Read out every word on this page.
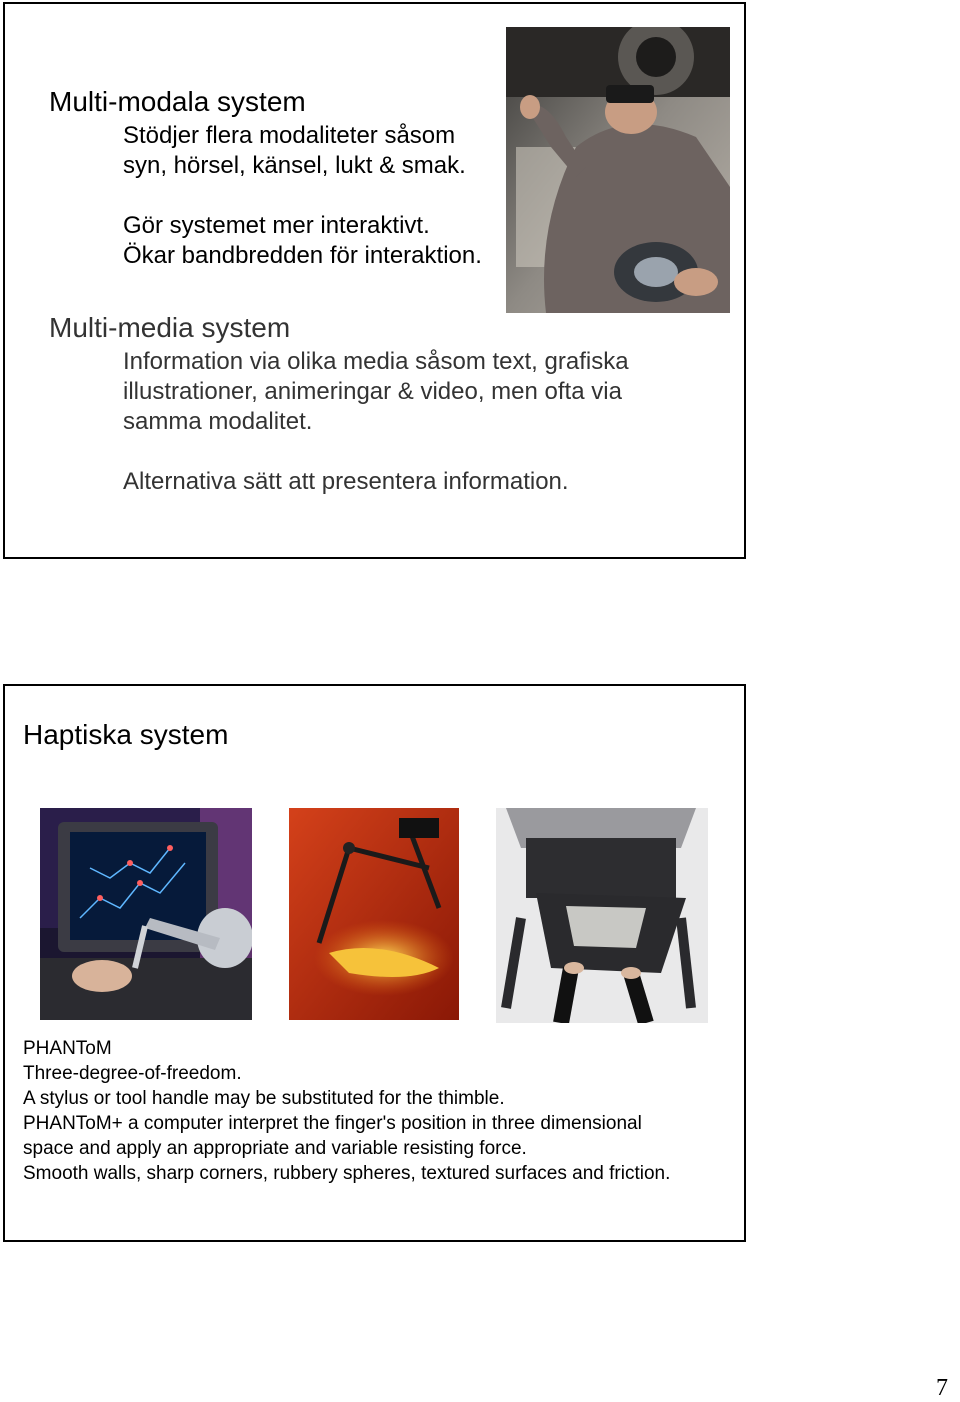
Multi-modala system

Stödjer flera modaliteter såsom

syn, hörsel, känsel, lukt & smak.

Gör systemet mer interaktivt.

Ökar bandbredden för interaktion.

Multi-media system

Information via olika media såsom text, grafiska

illustrationer, animeringar & video, men ofta via

samma modalitet.

Alternativa sätt att presentera information.

Haptiska system

PHANToM

Three-degree-of-freedom.

A stylus or tool handle may be substituted for the thimble.

PHANToM+ a computer interpret the finger's position in three dimensional

space and apply an appropriate and variable resisting force.

Smooth walls, sharp corners, rubbery spheres, textured surfaces and friction.

7
